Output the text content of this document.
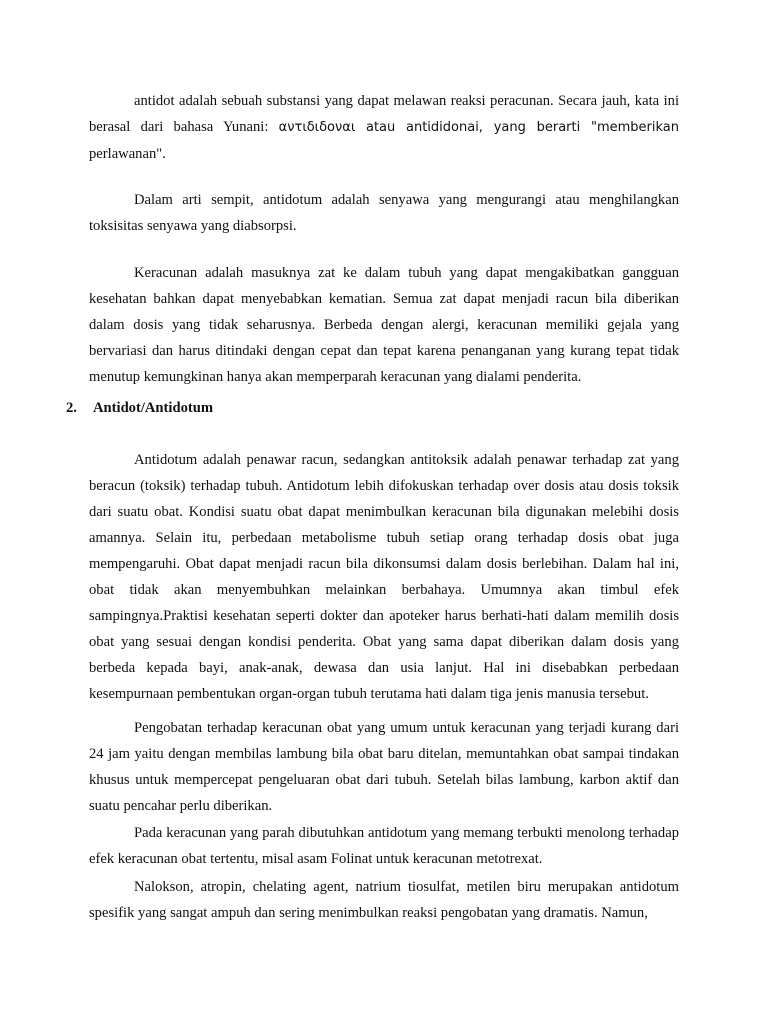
antidot adalah sebuah substansi yang dapat melawan reaksi peracunan. Secara jauh, kata ini berasal dari bahasa Yunani: αντιδιδοναι atau antididonai, yang berarti "memberikan perlawanan".

Dalam arti sempit, antidotum adalah senyawa yang mengurangi atau menghilangkan toksisitas senyawa yang diabsorpsi.

Keracunan adalah masuknya zat ke dalam tubuh yang dapat mengakibatkan gangguan kesehatan bahkan dapat menyebabkan kematian. Semua zat dapat menjadi racun bila diberikan dalam dosis yang tidak seharusnya. Berbeda dengan alergi, keracunan memiliki gejala yang bervariasi dan harus ditindaki dengan cepat dan tepat karena penanganan yang kurang tepat tidak menutup kemungkinan hanya akan memperparah keracunan yang dialami penderita.

2. Antidot/Antidotum

Antidotum adalah penawar racun, sedangkan antitoksik adalah penawar terhadap zat yang beracun (toksik) terhadap tubuh. Antidotum lebih difokuskan terhadap over dosis atau dosis toksik dari suatu obat. Kondisi suatu obat dapat menimbulkan keracunan bila digunakan melebihi dosis amannya. Selain itu, perbedaan metabolisme tubuh setiap orang terhadap dosis obat juga mempengaruhi. Obat dapat menjadi racun bila dikonsumsi dalam dosis berlebihan. Dalam hal ini, obat tidak akan menyembuhkan melainkan berbahaya. Umumnya akan timbul efek sampingnya.Praktisi kesehatan seperti dokter dan apoteker harus berhati-hati dalam memilih dosis obat yang sesuai dengan kondisi penderita. Obat yang sama dapat diberikan dalam dosis yang berbeda kepada bayi, anak-anak, dewasa dan usia lanjut. Hal ini disebabkan perbedaan kesempurnaan pembentukan organ-organ tubuh terutama hati dalam tiga jenis manusia tersebut.

Pengobatan terhadap keracunan obat yang umum untuk keracunan yang terjadi kurang dari 24 jam yaitu dengan membilas lambung bila obat baru ditelan, memuntahkan obat sampai tindakan khusus untuk mempercepat pengeluaran obat dari tubuh. Setelah bilas lambung, karbon aktif dan suatu pencahar perlu diberikan.

Pada keracunan yang parah dibutuhkan antidotum yang memang terbukti menolong terhadap efek keracunan obat tertentu, misal asam Folinat untuk keracunan metotrexat.

Nalokson, atropin, chelating agent, natrium tiosulfat, metilen biru merupakan antidotum spesifik yang sangat ampuh dan sering menimbulkan reaksi pengobatan yang dramatis. Namun,
